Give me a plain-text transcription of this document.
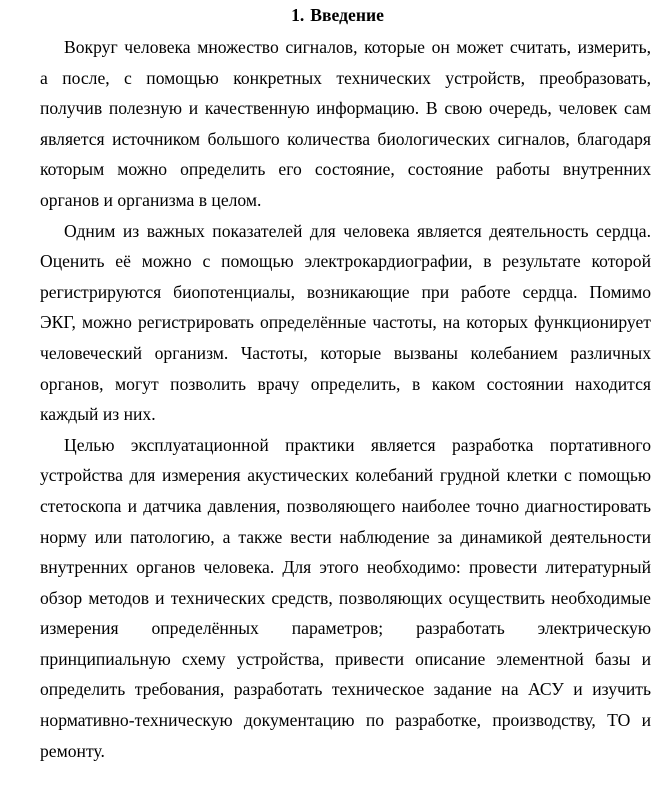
1. Введение
Вокруг человека множество сигналов, которые он может считать, измерить,
а после, с помощью конкретных технических устройств, преобразовать,
получив полезную и качественную информацию. В свою очередь, человек сам
является источником большого количества биологических сигналов, благодаря
которым можно определить его состояние, состояние работы внутренних
органов и организма в целом.
Одним из важных показателей для человека является деятельность сердца.
Оценить её можно с помощью электрокардиографии, в результате которой
регистрируются биопотенциалы, возникающие при работе сердца. Помимо
ЭКГ, можно регистрировать определённые частоты, на которых функционирует
человеческий организм. Частоты, которые вызваны колебанием различных
органов, могут позволить врачу определить, в каком состоянии находится
каждый из них.
Целью эксплуатационной практики является разработка портативного
устройства для измерения акустических колебаний грудной клетки с помощью
стетоскопа и датчика давления, позволяющего наиболее точно диагностировать
норму или патологию, а также вести наблюдение за динамикой деятельности
внутренних органов человека. Для этого необходимо: провести литературный
обзор методов и технических средств, позволяющих осуществить необходимые
измерения определённых параметров; разработать электрическую
принципиальную схему устройства, привести описание элементной базы и
определить требования, разработать техническое задание на АСУ и изучить
нормативно-техническую документацию по разработке, производству, ТО и
ремонту.
